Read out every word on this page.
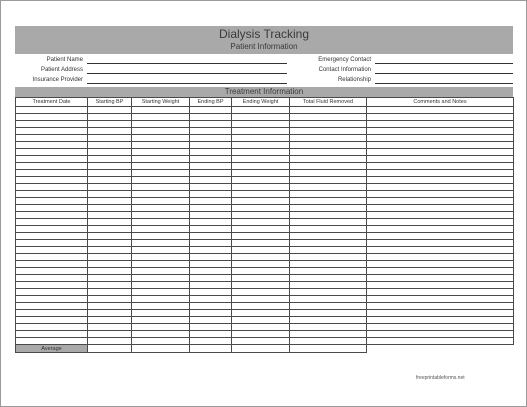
Dialysis Tracking
Patient Information
Patient Name
Patient Address
Insurance Provider
Emergency Contact
Contact Information
Relationship
Treatment Information
Treatment Date	Starting BP	Starting Weight	Ending BP	Ending Weight	Total Fluid Removed	Comments and Notes

Average						
freeprintableforms.net
